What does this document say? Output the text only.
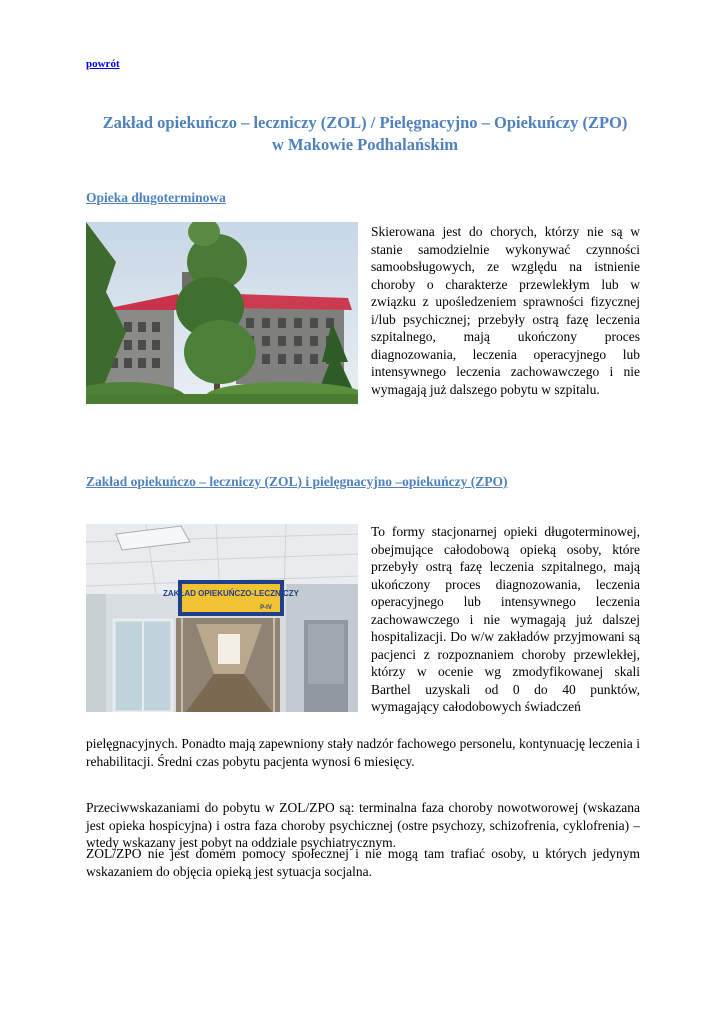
powrót
Zakład opiekuńczo – leczniczy (ZOL) / Pielęgnacyjno – Opiekuńczy (ZPO)
w Makowie Podhalańskim
Opieka długoterminowa
Skierowana jest do chorych, którzy nie są w stanie samodzielnie wykonywać czynności samoobsługowych, ze względu na istnienie choroby o charakterze przewlekłym lub w związku z upośledzeniem sprawności fizycznej i/lub psychicznej; przebyły ostrą fazę leczenia szpitalnego, mają ukończony proces diagnozowania, leczenia operacyjnego lub intensywnego leczenia zachowawczego i nie wymagają już dalszego pobytu w szpitalu.
Zakład opiekuńczo – leczniczy (ZOL) i pielęgnacyjno –opiekuńczy (ZPO)
ZAKŁAD OPIEKUŃCZO-LECZNICZY
P-IV
To formy stacjonarnej opieki długoterminowej, obejmujące całodobową opieką osoby, które przebyły ostrą fazę leczenia szpitalnego, mają ukończony proces diagnozowania, leczenia operacyjnego lub intensywnego leczenia zachowawczego i nie wymagają już dalszej hospitalizacji. Do w/w zakładów przyjmowani są pacjenci z rozpoznaniem choroby przewlekłej, którzy w ocenie wg zmodyfikowanej skali Barthel uzyskali od 0 do 40 punktów, wymagający całodobowych świadczeń
pielęgnacyjnych. Ponadto mają zapewniony stały nadzór fachowego personelu, kontynuację leczenia i rehabilitacji. Średni czas pobytu pacjenta wynosi 6 miesięcy.
Przeciwwskazaniami do pobytu w ZOL/ZPO są: terminalna faza choroby nowotworowej (wskazana jest opieka hospicyjna) i ostra faza choroby psychicznej (ostre psychozy, schizofrenia, cyklofrenia) – wtedy wskazany jest pobyt na oddziale psychiatrycznym.
ZOL/ZPO nie jest domem pomocy społecznej i nie mogą tam trafiać osoby, u których jedynym wskazaniem do objęcia opieką jest sytuacja socjalna.
